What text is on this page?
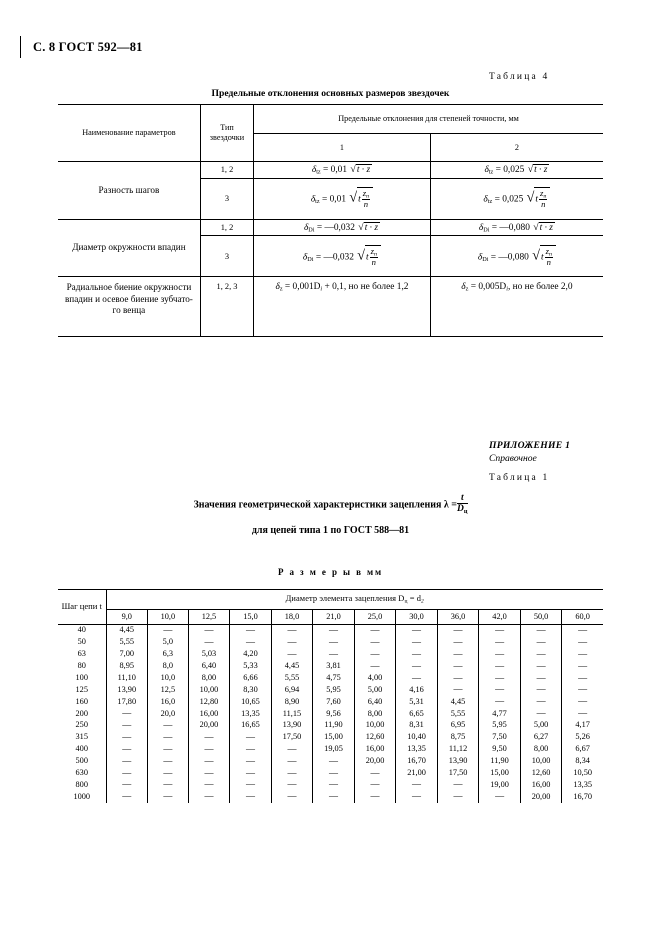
С. 8 ГОСТ 592—81
Таблица 4
Предельные отклонения основных размеров звездочек
Наименование параметров	Тип звездочки	Предельные отклонения для степеней точности, мм	
		1	2
Разность шагов	1, 2	$\delta_{tz} = 0,01$ √t · z	$\delta_{tz} = 0,025$ √t · z
	3	$\delta_{tz} = 0,01$ $√t \frac{z_п}{n}$	$\delta_{tz} = 0,025$ $√t \frac{z_п}{n}$

Диаметр окружности впадин	1, 2	$\delta_{Di}$ = —0,032 √t · z	$\delta_{Di}$ = —0,080 √t · z
	3	$\delta_{Di}$ = —0,032 $√t \frac{z_п}{n}$	$\delta_{Di}$ = —0,080 $√t \frac{z_п}{n}$

Радиальное биение окружности впадин и осевое биение зубчато-го венца	1, 2, 3	$\delta_z = 0,001D_i + 0,1$, но не более 1,2	$\delta_z = 0,005D_i$, но не более 2,0
ПРИЛОЖЕНИЕ 1
Справочное
Таблица 1
Значения геометрической характеристики зацепления $\lambda = \frac{t}{D_ц}$
для цепей типа 1 по ГОСТ 588—81
Р а з м е р ы в мм
Шаг цепи t	Диаметр элемента зацепления $D_ц = d_2$
	9,0	10,0	12,5	15,0	18,0	21,0	25,0	30,0	36,0	42,0	50,0	60,0
40	4,45	—	—	—	—	—	—	—	—	—	—	—
50	5,55	5,0	—	—	—	—	—	—	—	—	—	—
63	7,00	6,3	5,03	4,20	—	—	—	—	—	—	—	—
80	8,95	8,0	6,40	5,33	4,45	3,81	—	—	—	—	—	—
100	11,10	10,0	8,00	6,66	5,55	4,75	4,00	—	—	—	—	—
125	13,90	12,5	10,00	8,30	6,94	5,95	5,00	4,16	—	—	—	—
160	17,80	16,0	12,80	10,65	8,90	7,60	6,40	5,31	4,45	—	—	—
200	—	20,0	16,00	13,35	11,15	9,56	8,00	6,65	5,55	4,77	—	—
250	—	—	20,00	16,65	13,90	11,90	10,00	8,31	6,95	5,95	5,00	4,17
315	—	—	—	—	17,50	15,00	12,60	10,40	8,75	7,50	6,27	5,26
400	—	—	—	—	—	19,05	16,00	13,35	11,12	9,50	8,00	6,67
500	—	—	—	—	—	—	20,00	16,70	13,90	11,90	10,00	8,34
630	—	—	—	—	—	—	—	21,00	17,50	15,00	12,60	10,50
800	—	—	—	—	—	—	—	—	—	19,00	16,00	13,35
1000	—	—	—	—	—	—	—	—	—	—	20,00	16,70
